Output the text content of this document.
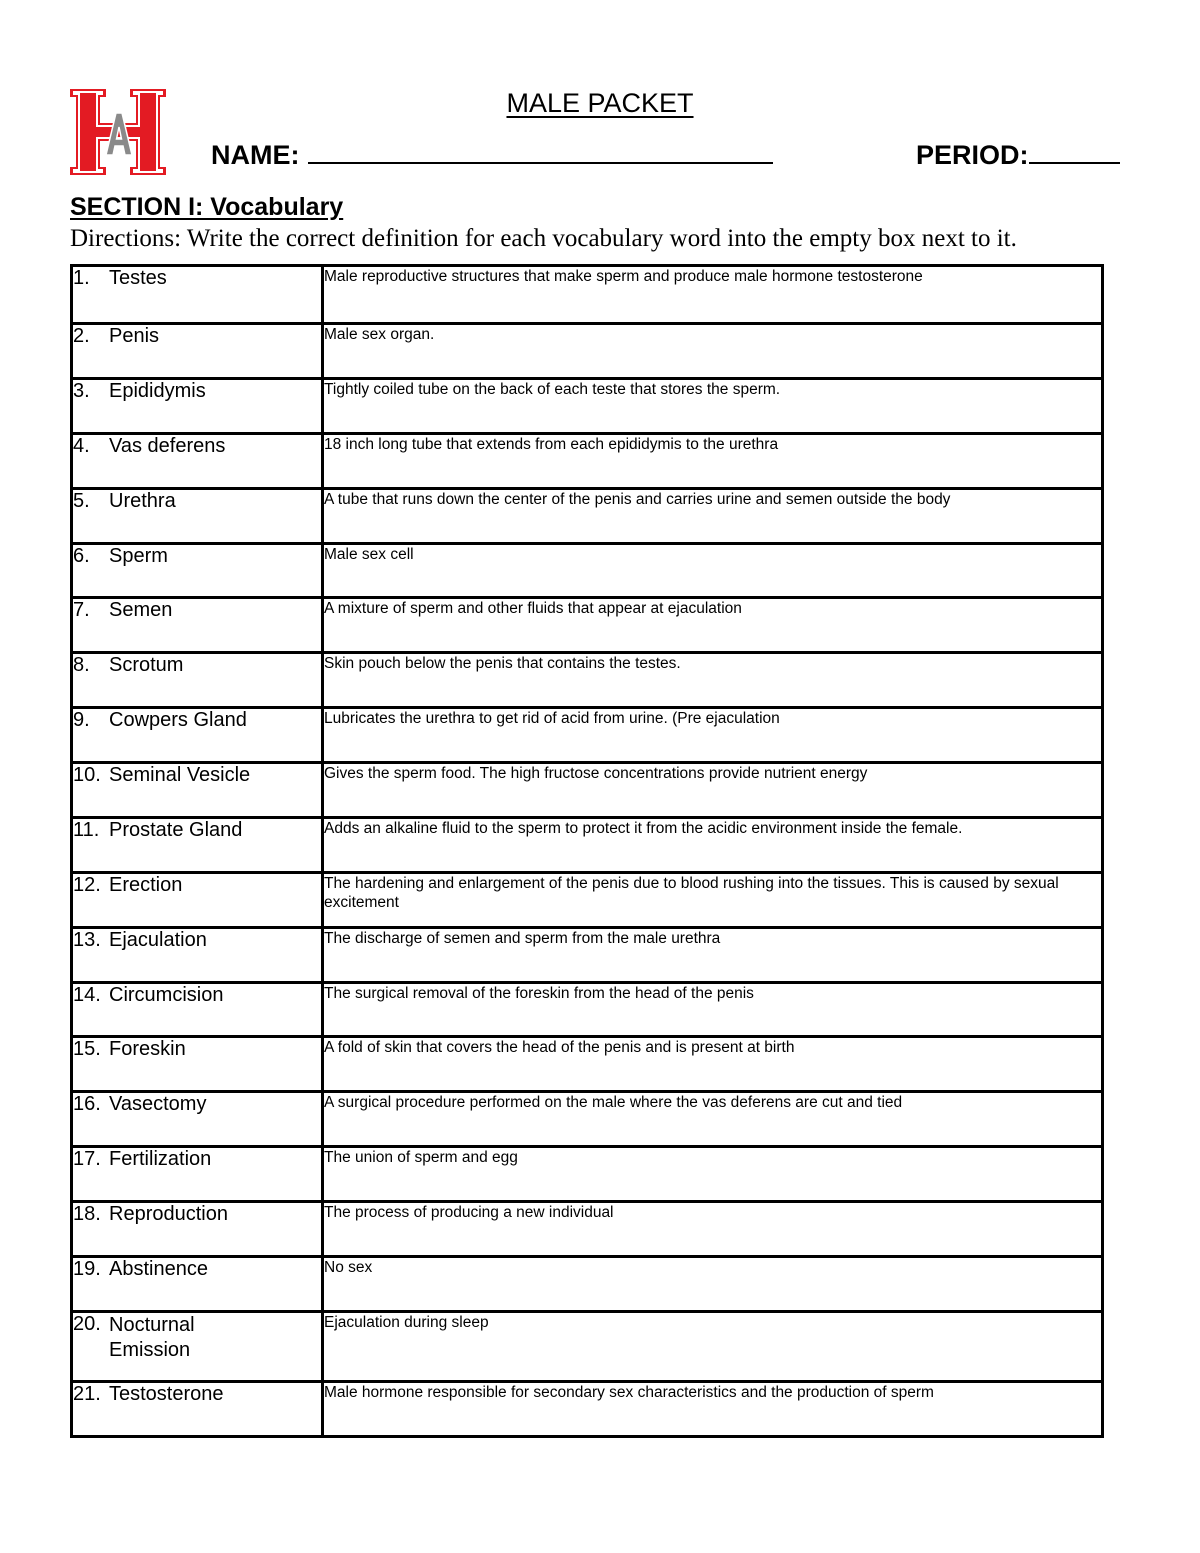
MALE PACKET
NAME:	PERIOD:
SECTION I: Vocabulary
Directions: Write the correct definition for each vocabulary word into the empty box next to it.
1. Testes	Male reproductive structures that make sperm and produce male hormone testosterone

2. Penis	Male sex organ.

3. Epididymis	Tightly coiled tube on the back of each teste that stores the sperm.

4. Vas deferens	18 inch long tube that extends from each epididymis to the urethra

5. Urethra	A tube that runs down the center of the penis and carries urine and semen outside the body

6. Sperm	Male sex cell

7. Semen	A mixture of sperm and other fluids that appear at ejaculation

8. Scrotum	Skin pouch below the penis that contains the testes.

9. Cowpers Gland	Lubricates the urethra to get rid of acid from urine. (Pre ejaculation

10. Seminal Vesicle	Gives the sperm food. The high fructose concentrations provide nutrient energy

11. Prostate Gland	Adds an alkaline fluid to the sperm to protect it from the acidic environment inside the female.

12. Erection	The hardening and enlargement of the penis due to blood rushing into the tissues. This is caused by sexual excitement

13. Ejaculation	The discharge of semen and sperm from the male urethra

14. Circumcision	The surgical removal of the foreskin from the head of the penis

15. Foreskin	A fold of skin that covers the head of the penis and is present at birth

16. Vasectomy	A surgical procedure performed on the male where the vas deferens are cut and tied

17. Fertilization	The union of sperm and egg

18. Reproduction	The process of producing a new individual

19. Abstinence	No sex

20. Nocturnal Emission	Ejaculation during sleep

21. Testosterone	Male hormone responsible for secondary sex characteristics and the production of sperm
